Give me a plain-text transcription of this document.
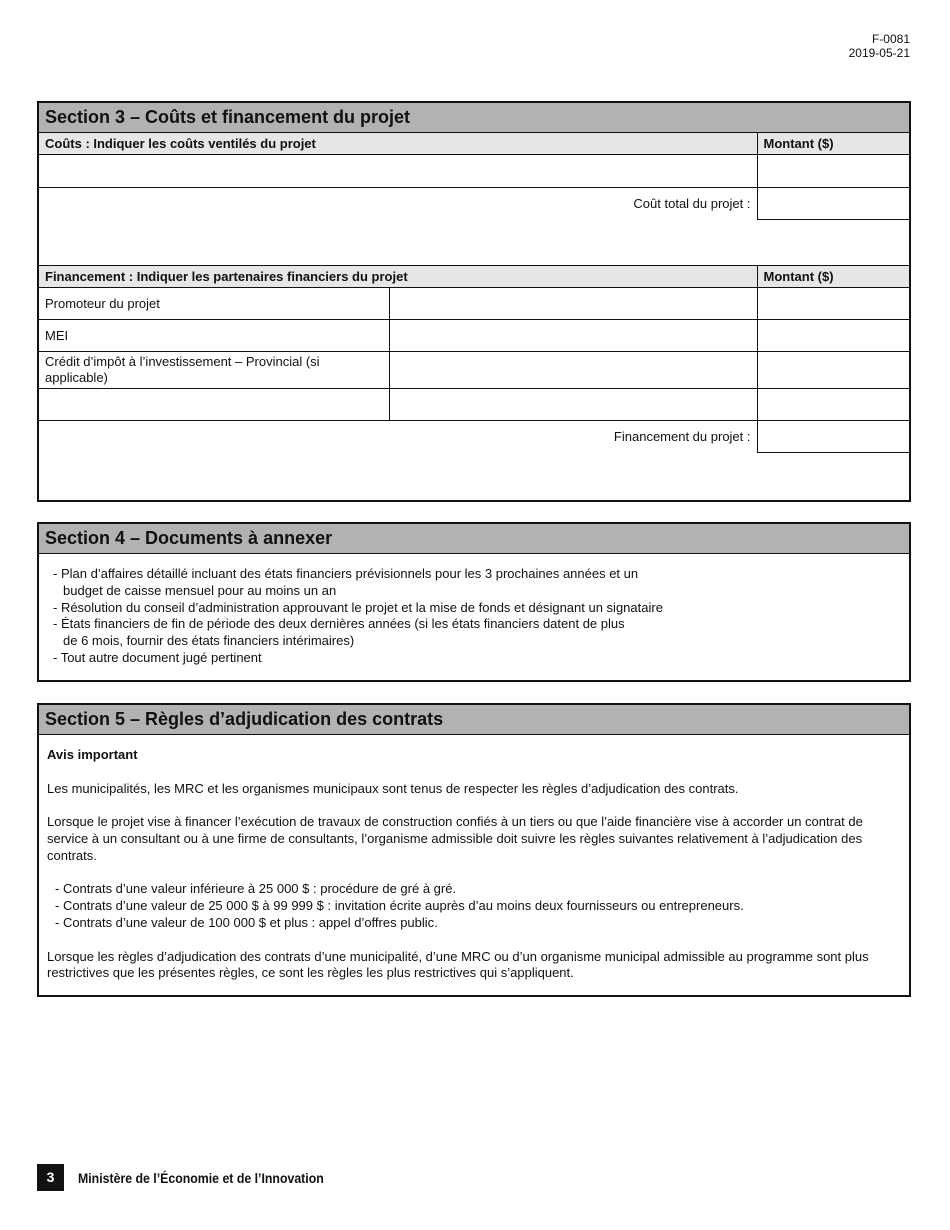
F-0081
2019-05-21
Section 3 – Coûts et financement du projet
Coûts : Indiquer les coûts ventilés du projet	Montant ($)

Coût total du projet :	

Financement : Indiquer les partenaires financiers du projet		Montant ($)
Promoteur du projet		
MEI		
Crédit d’impôt à l’investissement – Provincial (si applicable)		

Financement du projet :		
Section 4 – Documents à annexer
- Plan d’affaires détaillé incluant des états financiers prévisionnels pour les 3 prochaines années et un budget de caisse mensuel pour au moins un an
- Résolution du conseil d’administration approuvant le projet et la mise de fonds et désignant un signataire
- États financiers de fin de période des deux dernières années (si les états financiers datent de plus de 6 mois, fournir des états financiers intérimaires)
- Tout autre document jugé pertinent
Section 5 – Règles d’adjudication des contrats

Avis important

Les municipalités, les MRC et les organismes municipaux sont tenus de respecter les règles d’adjudication des contrats.

Lorsque le projet vise à financer l’exécution de travaux de construction confiés à un tiers ou que l’aide financière vise à accorder un contrat de service à un consultant ou à une firme de consultants, l’organisme admissible doit suivre les règles suivantes relativement à l’adjudication des contrats.

- Contrats d’une valeur inférieure à 25 000 $ : procédure de gré à gré.
- Contrats d’une valeur de 25 000 $ à 99 999 $ : invitation écrite auprès d’au moins deux fournisseurs ou entrepreneurs.
- Contrats d’une valeur de 100 000 $ et plus : appel d’offres public.

Lorsque les règles d’adjudication des contrats d’une municipalité, d’une MRC ou d’un organisme municipal admissible au programme sont plus restrictives que les présentes règles, ce sont les règles les plus restrictives qui s’appliquent.

3	Ministère de l’Économie et de l’Innovation
